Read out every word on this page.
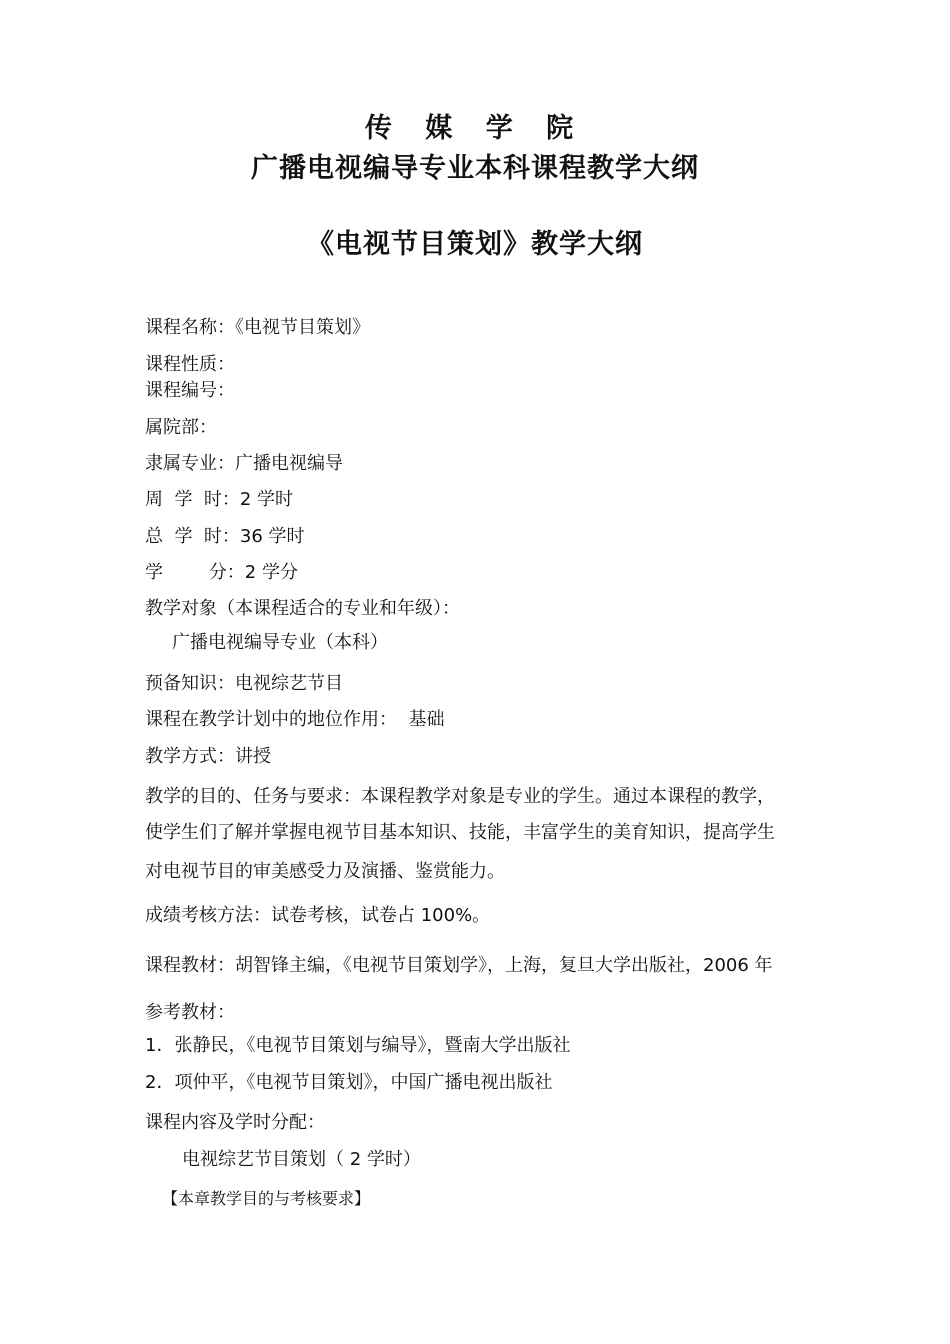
传 媒 学 院
广播电视编导专业本科课程教学大纲
《电视节目策划》教学大纲
课程名称：《电视节目策划》
课程性质：
课程编号：
属院部：
隶属专业：广播电视编导
周  学  时：2 学时
总  学  时：36 学时
学        分：2 学分
教学对象（本课程适合的专业和年级）：
广播电视编导专业（本科）
预备知识：电视综艺节目
课程在教学计划中的地位作用：  基础
教学方式：讲授
教学的目的、任务与要求：本课程教学对象是专业的学生。通过本课程的教学，
使学生们了解并掌握电视节目基本知识、技能，丰富学生的美育知识，提高学生
对电视节目的审美感受力及演播、鉴赏能力。
成绩考核方法：试卷考核，试卷占 100%。
课程教材：胡智锋主编，《电视节目策划学》，上海，复旦大学出版社，2006 年
参考教材：
1．张静民，《电视节目策划与编导》，暨南大学出版社
2．项仲平，《电视节目策划》，中国广播电视出版社
课程内容及学时分配：
电视综艺节目策划（ 2 学时）
【本章教学目的与考核要求】
